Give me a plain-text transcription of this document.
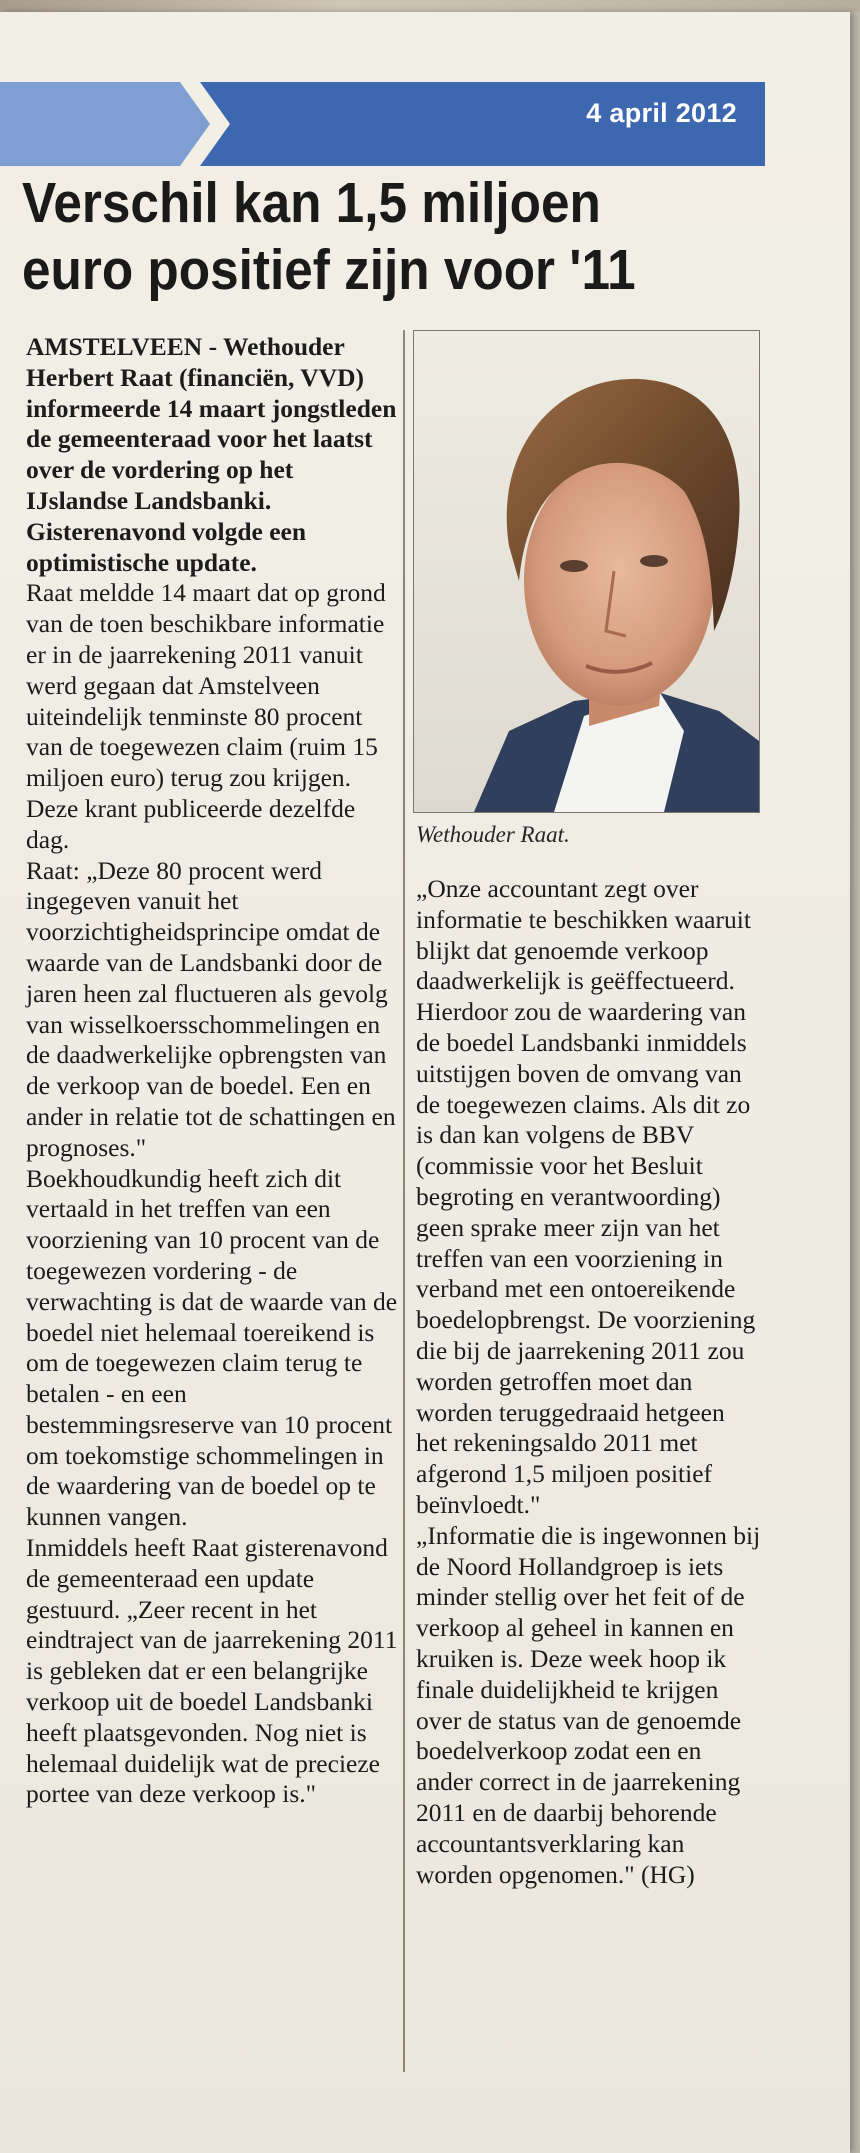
4 april 2012
Verschil kan 1,5 miljoen
euro positief zijn voor '11

AMSTELVEEN - Wethouder Herbert Raat (financiën, VVD) informeerde 14 maart jongstleden de gemeenteraad voor het laatst over de vordering op het IJslandse Landsbanki. Gisterenavond volgde een optimistische update.

Raat meldde 14 maart dat op grond van de toen beschikbare informatie er in de jaarrekening 2011 vanuit werd gegaan dat Amstelveen uiteindelijk tenminste 80 procent van de toegewezen claim (ruim 15 miljoen euro) terug zou krijgen. Deze krant publiceerde dezelfde dag.

Raat: „Deze 80 procent werd ingegeven vanuit het voorzichtigheidsprincipe omdat de waarde van de Landsbanki door de jaren heen zal fluctueren als gevolg van wisselkoersschommelingen en de daadwerkelijke opbrengsten van de verkoop van de boedel. Een en ander in relatie tot de schattingen en prognoses."

Boekhoudkundig heeft zich dit vertaald in het treffen van een voorziening van 10 procent van de toegewezen vordering - de verwachting is dat de waarde van de boedel niet helemaal toereikend is om de toegewezen claim terug te betalen - en een bestemmingsreserve van 10 procent om toekomstige schommelingen in de waardering van de boedel op te kunnen vangen.

Inmiddels heeft Raat gisterenavond de gemeenteraad een update gestuurd. „Zeer recent in het eindtraject van de jaarrekening 2011 is gebleken dat er een belangrijke verkoop uit de boedel Landsbanki heeft plaatsgevonden. Nog niet is helemaal duidelijk wat de precieze portee van deze verkoop is."

Wethouder Raat.

„Onze accountant zegt over informatie te beschikken waaruit blijkt dat genoemde verkoop daadwerkelijk is geëffectueerd. Hierdoor zou de waardering van de boedel Landsbanki inmiddels uitstijgen boven de omvang van de toegewezen claims. Als dit zo is dan kan volgens de BBV (commissie voor het Besluit begroting en verantwoording) geen sprake meer zijn van het treffen van een voorziening in verband met een ontoereikende boedelopbrengst. De voorziening die bij de jaarrekening 2011 zou worden getroffen moet dan worden teruggedraaid hetgeen het rekeningsaldo 2011 met afgerond 1,5 miljoen positief beïnvloedt."

„Informatie die is ingewonnen bij de Noord Hollandgroep is iets minder stellig over het feit of de verkoop al geheel in kannen en kruiken is. Deze week hoop ik finale duidelijkheid te krijgen over de status van de genoemde boedelverkoop zodat een en ander correct in de jaarrekening 2011 en de daarbij behorende accountantsverklaring kan worden opgenomen." (HG)
